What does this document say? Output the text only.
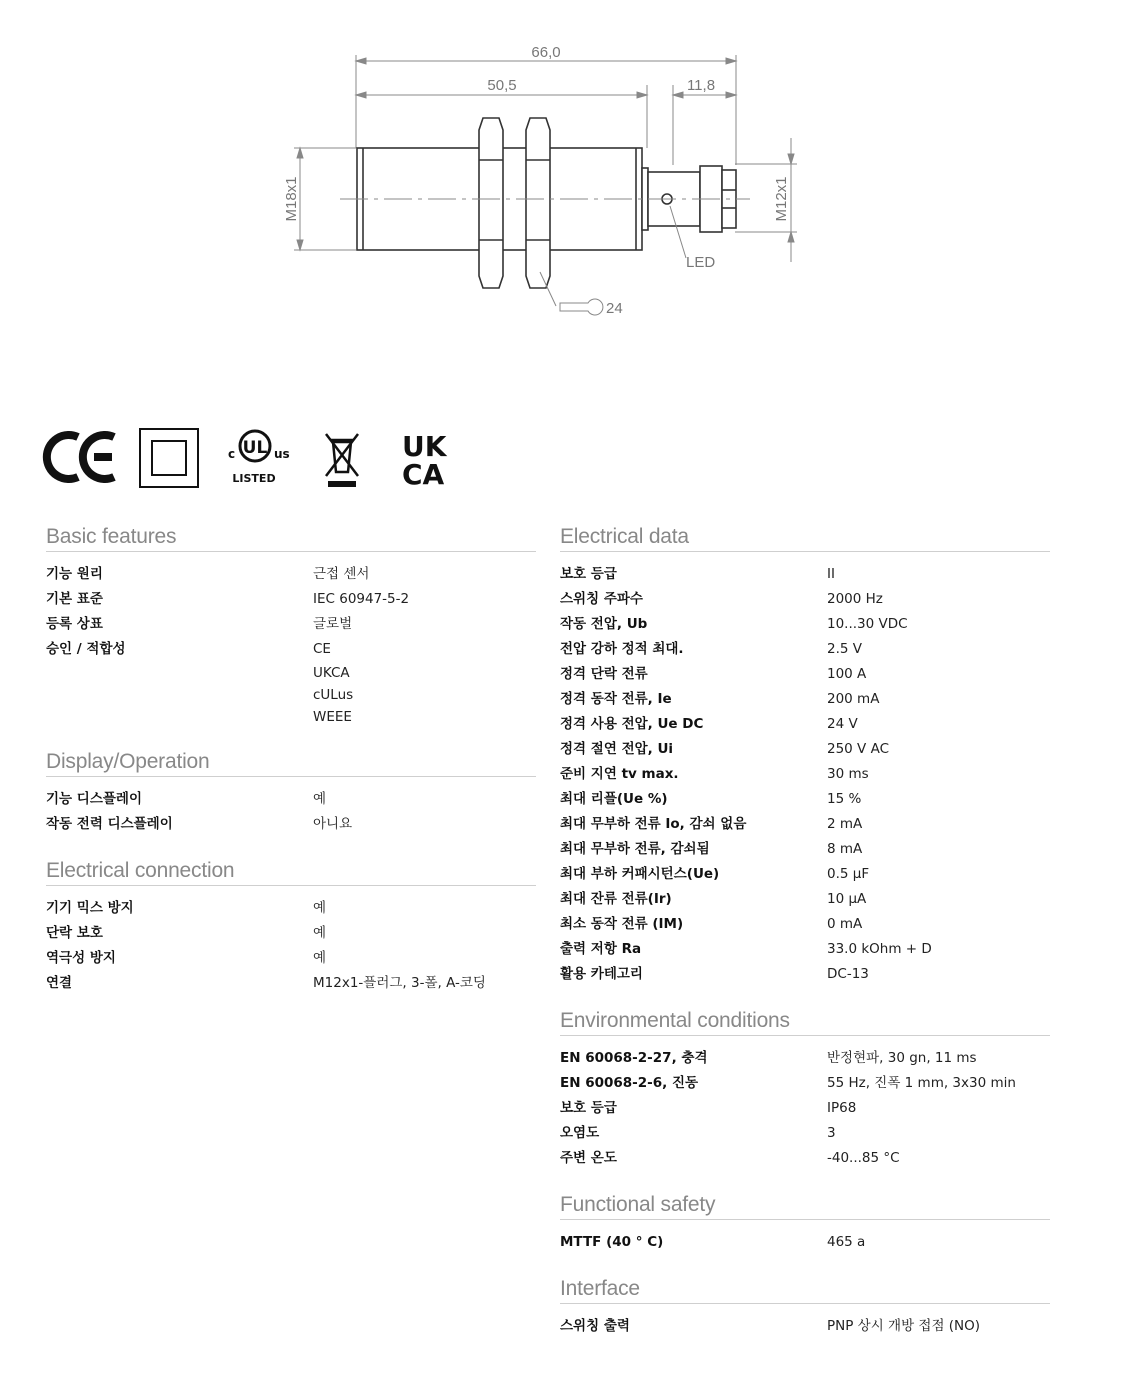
66,0
50,5	11,8
M18x1	M12x1
LED
24
UL
c	us
LISTED
UK
CA
Basic features
기능 원리	근접 센서
기본 표준	IEC 60947-5-2
등록 상표	글로벌
승인 / 적합성	CE
UKCA
cULus
WEEE
Display/Operation
기능 디스플레이	예
작동 전력 디스플레이	아니요
Electrical connection
기기 믹스 방지	예
단락 보호	예
역극성 방지	예
연결	M12x1-플러그, 3-폴, A-코딩
Electrical data
보호 등급	II
스위칭 주파수	2000 Hz
작동 전압, Ub	10...30 VDC
전압 강하 정적 최대.	2.5 V
정격 단락 전류	100 A
정격 동작 전류, Ie	200 mA
정격 사용 전압, Ue DC	24 V
정격 절연 전압, Ui	250 V AC
준비 지연 tv max.	30 ms
최대 리플(Ue %)	15 %
최대 무부하 전류 Io, 감쇠 없음	2 mA
최대 무부하 전류, 감쇠됨	8 mA
최대 부하 커패시턴스(Ue)	0.5 µF
최대 잔류 전류(Ir)	10 µA
최소 동작 전류 (IM)	0 mA
출력 저항 Ra	33.0 kOhm + D
활용 카테고리	DC-13
Environmental conditions
EN 60068-2-27, 충격	반정현파, 30 gn, 11 ms
EN 60068-2-6, 진동	55 Hz, 진폭 1 mm, 3x30 min
보호 등급	IP68
오염도	3
주변 온도	-40...85 °C
Functional safety
MTTF (40 ° C)	465 a
Interface
스위칭 출력	PNP 상시 개방 접점 (NO)
